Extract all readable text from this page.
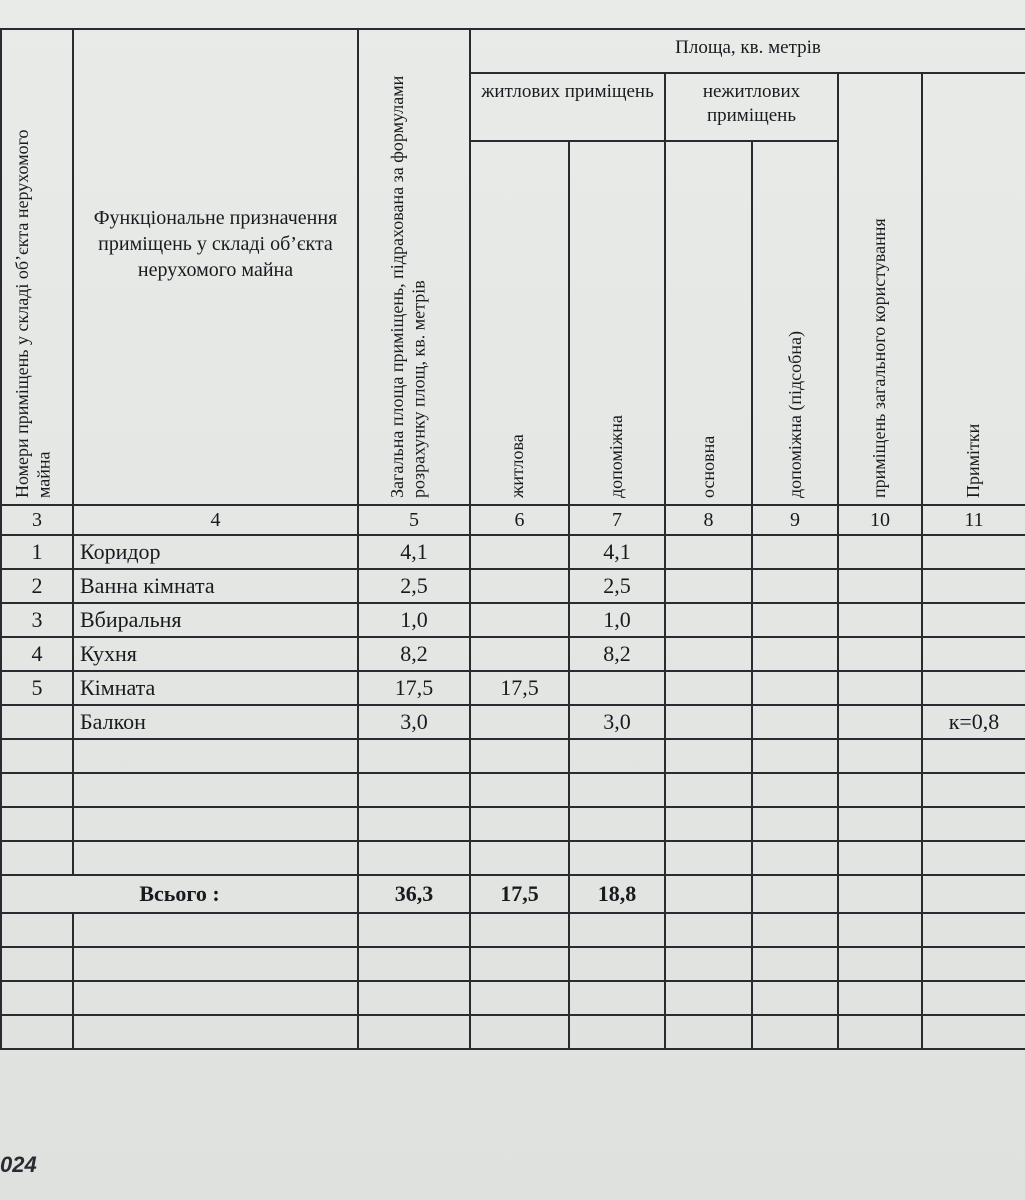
Номери приміщень у складі об’єкта нерухомого майна	Функціональне призначення приміщень у складі об’єкта нерухомого майна	Загальна площа приміщень, підрахована за формулами розрахунку площ, кв. метрів	Площа, кв. метрів					
			житлових приміщень		нежитлових приміщень		приміщень загального користування	Примітки

			житлова	допоміжна	основна	допоміжна (підсобна)		

3	4	5	6	7	8	9	10	11
1	Коридор	4,1		4,1				
2	Ванна кімната	2,5		2,5				
3	Вбиральня	1,0		1,0				
4	Кухня	8,2		8,2				
5	Кімната	17,5	17,5					
	Балкон	3,0		3,0				к=0,8

Всього :		36,3	17,5	18,8				

024
